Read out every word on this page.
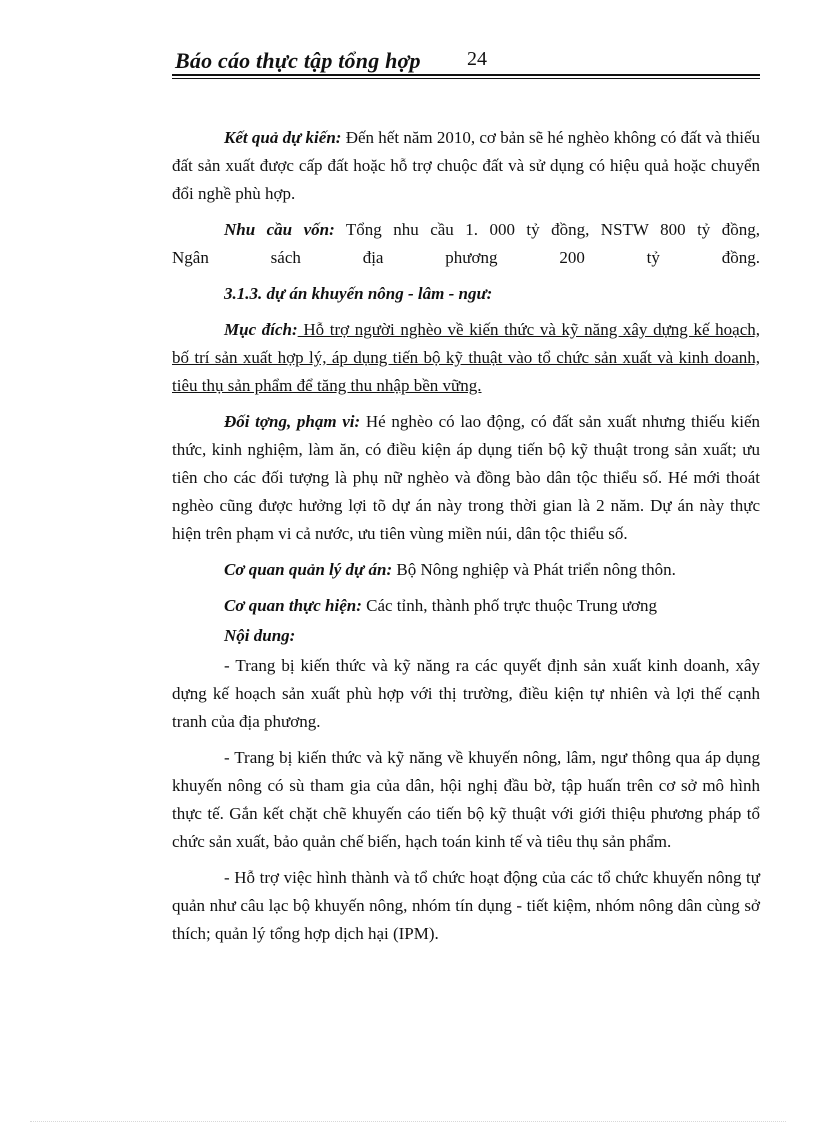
Báo cáo thực tập tổng hợp 24

Kết quả dự kiến: Đến hết năm 2010, cơ bản sẽ hé nghèo không có đất và thiếu đất sản xuất được cấp đất hoặc hỗ trợ chuộc đất và sử dụng có hiệu quả hoặc chuyển đổi nghề phù hợp.

Nhu cầu vốn: Tổng nhu cầu 1. 000 tỷ đồng, NSTW 800 tỷ đồng,

Ngân sách địa phương 200 tỷ đồng.

3.1.3. dự án khuyến nông - lâm - ngư:

Mục đích: Hỗ trợ người nghèo về kiến thức và kỹ năng xây dựng kế hoạch, bố trí sản xuất hợp lý, áp dụng tiến bộ kỹ thuật vào tổ chức sản xuất và kinh doanh, tiêu thụ sản phẩm để tăng thu nhập bền vững.

Đối tợng, phạm vi: Hé nghèo có lao động, có đất sản xuất nhưng thiếu kiến thức, kinh nghiệm, làm ăn, có điều kiện áp dụng tiến bộ kỹ thuật trong sản xuất; ưu tiên cho các đối tượng là phụ nữ nghèo và đồng bào dân tộc thiểu số. Hé mới thoát nghèo cũng được hưởng lợi tõ dự án này trong thời gian là 2 năm. Dự án này thực hiện trên phạm vi cả nước, ưu tiên vùng miền núi, dân tộc thiểu số.

Cơ quan quản lý dự án: Bộ Nông nghiệp và Phát triển nông thôn.

Cơ quan thực hiện: Các tỉnh, thành phố trực thuộc Trung ương

Nội dung:

- Trang bị kiến thức và kỹ năng ra các quyết định sản xuất kinh doanh, xây dựng kế hoạch sản xuất phù hợp với thị trường, điều kiện tự nhiên và lợi thế cạnh tranh của địa phương.

- Trang bị kiến thức và kỹ năng về khuyến nông, lâm, ngư thông qua áp dụng khuyến nông có sù tham gia của dân, hội nghị đầu bờ, tập huấn trên cơ sở mô hình thực tế. Gắn kết chặt chẽ khuyến cáo tiến bộ kỹ thuật với giới thiệu phương pháp tổ chức sản xuất, bảo quản chế biến, hạch toán kinh tế và tiêu thụ sản phẩm.

- Hỗ trợ việc hình thành và tổ chức hoạt động của các tổ chức khuyến nông tự quản như câu lạc bộ khuyến nông, nhóm tín dụng - tiết kiệm, nhóm nông dân cùng sở thích; quản lý tổng hợp dịch hại (IPM).
